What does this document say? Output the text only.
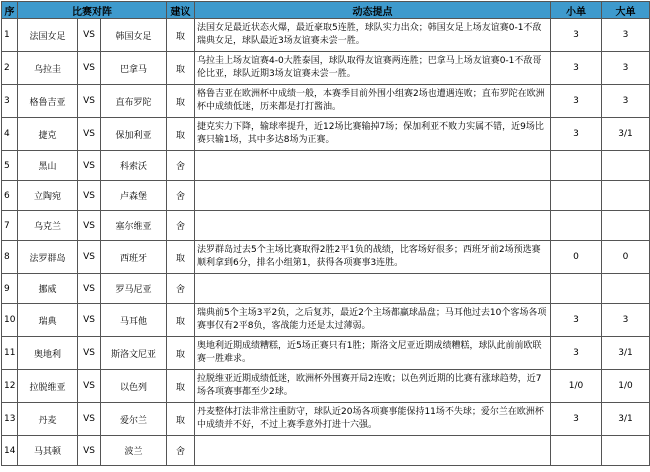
序	比赛对阵			建议	动态提点	小单	大单
1	法国女足	VS	韩国女足	取	法国女足最近状态火爆，最近豪取5连胜，球队实力出众；韩国女足上场友谊赛0-1不敌瑞典女足，球队最近3场友谊赛未尝一胜。	3	3
2	乌拉圭	VS	巴拿马	取	乌拉圭上场友谊赛4-0大胜泰国，球队取得友谊赛两连胜；巴拿马上场友谊赛0-1不敌哥伦比亚，球队近期3场友谊赛未尝一胜。	3	3
3	格鲁吉亚	VS	直布罗陀	取	格鲁吉亚在欧洲杯中成绩一般，本赛季目前外围小组赛2场也遭遇连败；直布罗陀在欧洲杯中成绩低迷，历来都是打打酱油。	3	3
4	捷克	VS	保加利亚	取	捷克实力下降，输球率提升，近12场比赛输掉7场；保加利亚不败力实属不错，近9场比赛只输1场，其中多达8场为正赛。	3	3/1
5	黑山	VS	科索沃	舍			
6	立陶宛	VS	卢森堡	舍			
7	乌克兰	VS	塞尔维亚	舍			
8	法罗群岛	VS	西班牙	取	法罗群岛过去5个主场比赛取得2胜2平1负的战绩，比客场好很多；西班牙前2场预选赛顺利拿到6分，排名小组第1，获得各项赛事3连胜。	0	0
9	挪威	VS	罗马尼亚	舍			
10	瑞典	VS	马耳他	取	瑞典前5个主场3平2负，之后复苏，最近2个主场都赢球晶盘；马耳他过去10个客场各项赛事仅有2平8负，客战能力还是太过薄弱。	3	3
11	奥地利	VS	斯洛文尼亚	取	奥地利近期成绩糟糕，近5场正赛只有1胜；斯洛文尼亚近期成绩糟糕，球队此前前欧联赛一胜难求。	3	3/1
12	拉脱维亚	VS	以色列	取	拉脱维亚近期成绩低迷，欧洲杯外围赛开局2连败；以色列近期的比赛有涨球趋势，近7场各项赛事都至少2球。	1/0	1/0
13	丹麦	VS	爱尔兰	取	丹麦整体打法非常注重防守，球队近20场各项赛事能保持11场不失球；爱尔兰在欧洲杯中成绩并不好，不过上赛季意外打进十六强。	3	3/1
14	马其顿	VS	波兰	舍			
